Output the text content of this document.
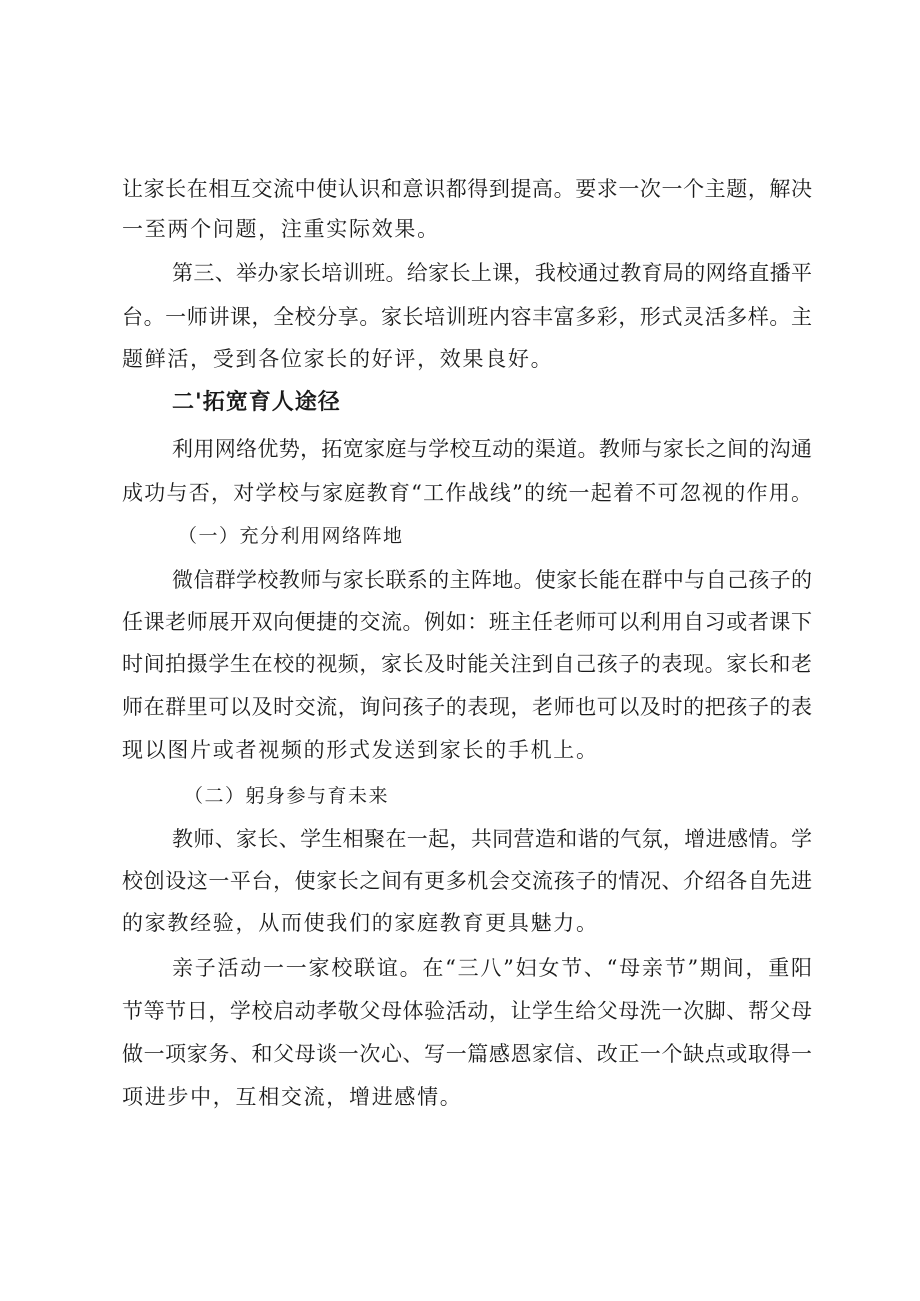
让家长在相互交流中使认识和意识都得到提高。要求一次一个主题，解决
一至两个问题，注重实际效果。
第三、举办家长培训班。给家长上课，我校通过教育局的网络直播平
台。一师讲课，全校分享。家长培训班内容丰富多彩，形式灵活多样。主
题鲜活，受到各位家长的好评，效果良好。
二'拓宽育人途径
利用网络优势，拓宽家庭与学校互动的渠道。教师与家长之间的沟通
成功与否，对学校与家庭教育“工作战线”的统一起着不可忽视的作用。
（一）充分利用网络阵地
微信群学校教师与家长联系的主阵地。使家长能在群中与自己孩子的
任课老师展开双向便捷的交流。例如：班主任老师可以利用自习或者课下
时间拍摄学生在校的视频，家长及时能关注到自己孩子的表现。家长和老
师在群里可以及时交流，询问孩子的表现，老师也可以及时的把孩子的表
现以图片或者视频的形式发送到家长的手机上。
（二）躬身参与育未来
教师、家长、学生相聚在一起，共同营造和谐的气氛，增进感情。学
校创设这一平台，使家长之间有更多机会交流孩子的情况、介绍各自先进
的家教经验，从而使我们的家庭教育更具魅力。
亲子活动一一家校联谊。在“三八”妇女节、“母亲节”期间，重阳
节等节日，学校启动孝敬父母体验活动，让学生给父母洗一次脚、帮父母
做一项家务、和父母谈一次心、写一篇感恩家信、改正一个缺点或取得一
项进步中，互相交流，增进感情。
